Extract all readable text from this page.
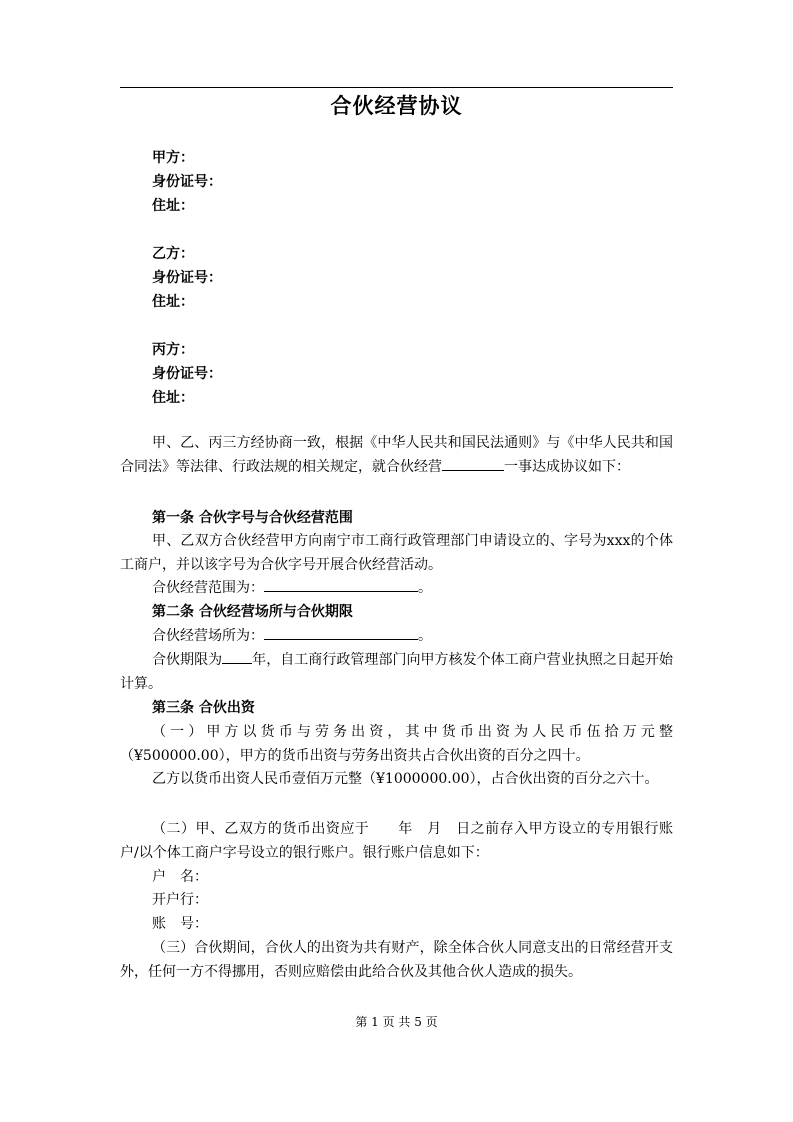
合伙经营协议
甲方：
身份证号：
住址：
乙方：
身份证号：
住址：
丙方：
身份证号：
住址：
甲、乙、丙三方经协商一致，根据《中华人民共和国民法通则》与《中华人民共和国合同法》等法律、行政法规的相关规定，就合伙经营	一事达成协议如下：
第一条 合伙字号与合伙经营范围
甲、乙双方合伙经营甲方向南宁市工商行政管理部门申请设立的、字号为xxx的个体工商户，并以该字号为合伙字号开展合伙经营活动。
合伙经营范围为：	。
第二条 合伙经营场所与合伙期限
合伙经营场所为：	。
合伙期限为 年，自工商行政管理部门向甲方核发个体工商户营业执照之日起开始计算。
第三条 合伙出资
（一）甲方以货币与劳务出资，其中货币出资为人民币伍拾万元整（¥500000.00），甲方的货币出资与劳务出资共占合伙出资的百分之四十。
乙方以货币出资人民币壹佰万元整（¥1000000.00），占合伙出资的百分之六十。
（二）甲、乙双方的货币出资应于　　年　月　日之前存入甲方设立的专用银行账户/以个体工商户字号设立的银行账户。银行账户信息如下：
户　名：
开户行：
账　号：
（三）合伙期间，合伙人的出资为共有财产，除全体合伙人同意支出的日常经营开支外，任何一方不得挪用，否则应赔偿由此给合伙及其他合伙人造成的损失。
第 1 页 共 5 页
